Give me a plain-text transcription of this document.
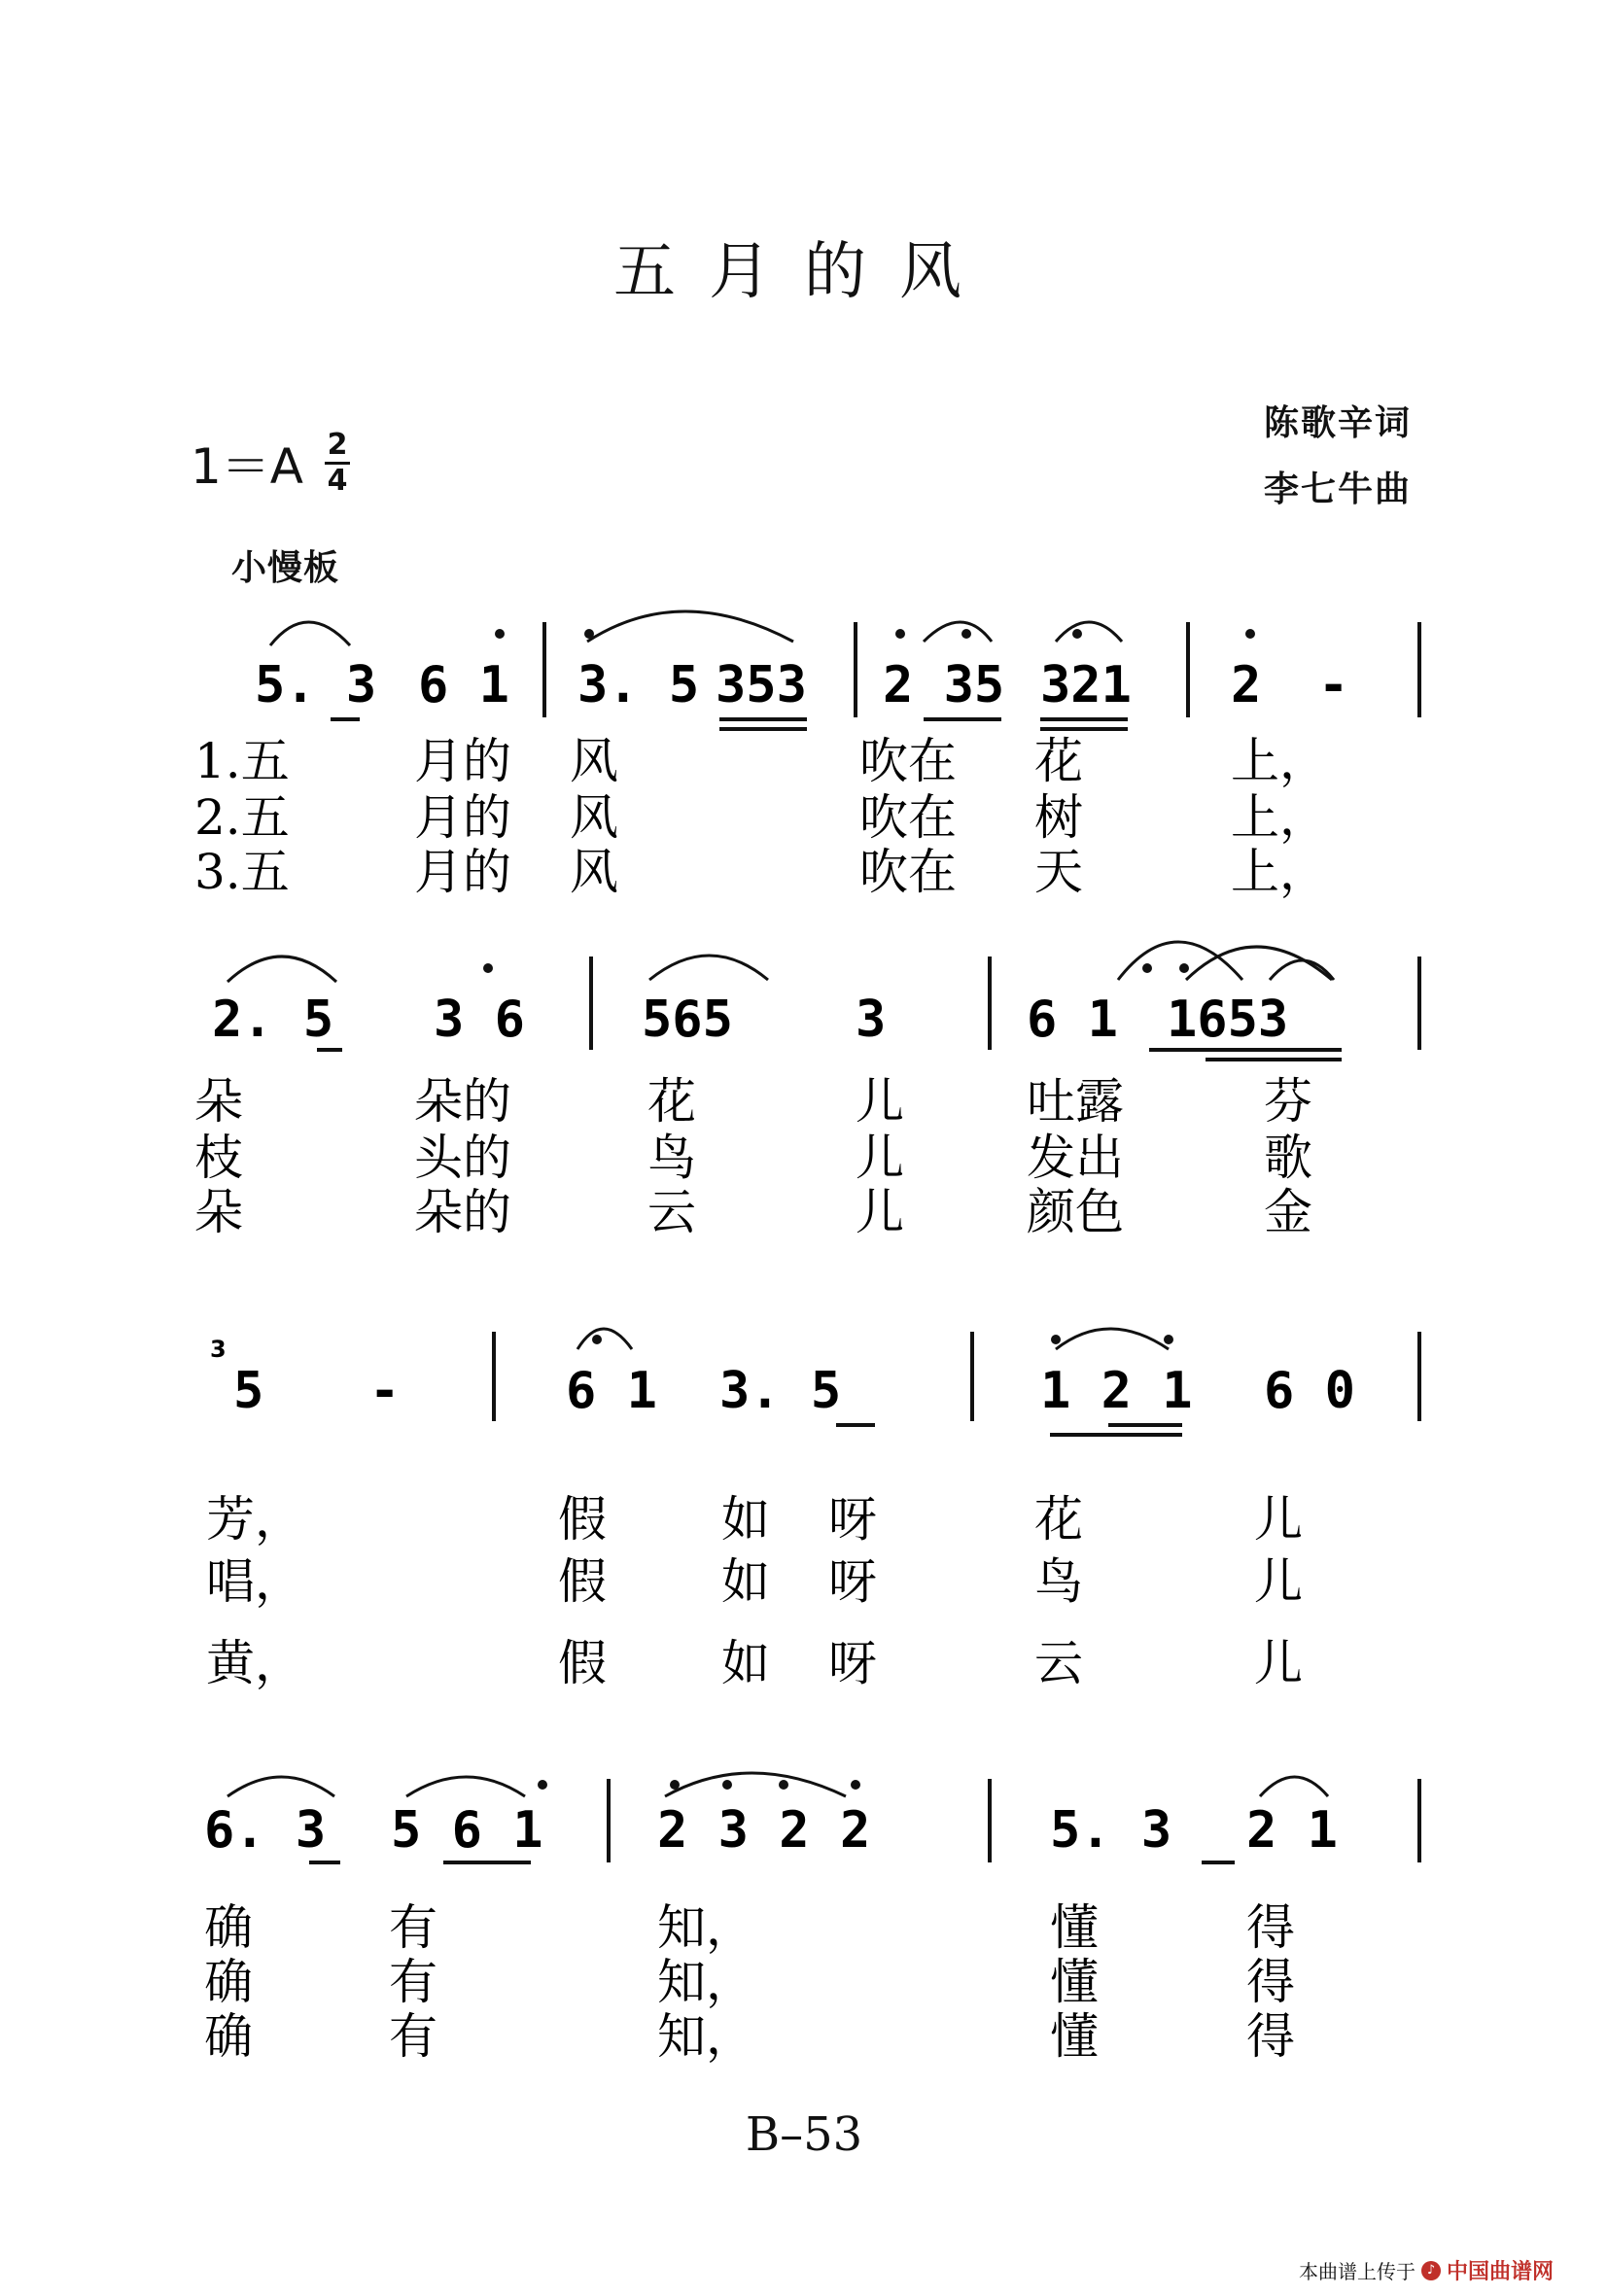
五月的风
陈歌辛词
李七牛曲
1＝A 2
4
小慢板
5. 3 6 1 3. 5 353 2 35 321 2 -
1.五	月的 风	吹在 花	上，
2.五	月的 风	吹在 树	上，
3.五	月的 风	吹在 天	上，
2. 5 3 6 565 3	6 1 1653
朵	朵的	花	儿	吐露	芬
枝	头的	鸟	儿	发出	歌
朵	朵的	云	儿	颜色	金
3
5 -	6 1 3. 5	1 2 1 6 0
芳，	假 如 呀	花	儿
唱，	假 如 呀	鸟	儿
黄，	假 如 呀	云	儿
6. 3 5 6 1 2 3 2 2	5. 3 2 1
确	有	知，	懂	得
确	有	知，	懂	得
确	有	知，	懂	得
B–53
本曲谱上传于 ♪ 中国曲谱网
